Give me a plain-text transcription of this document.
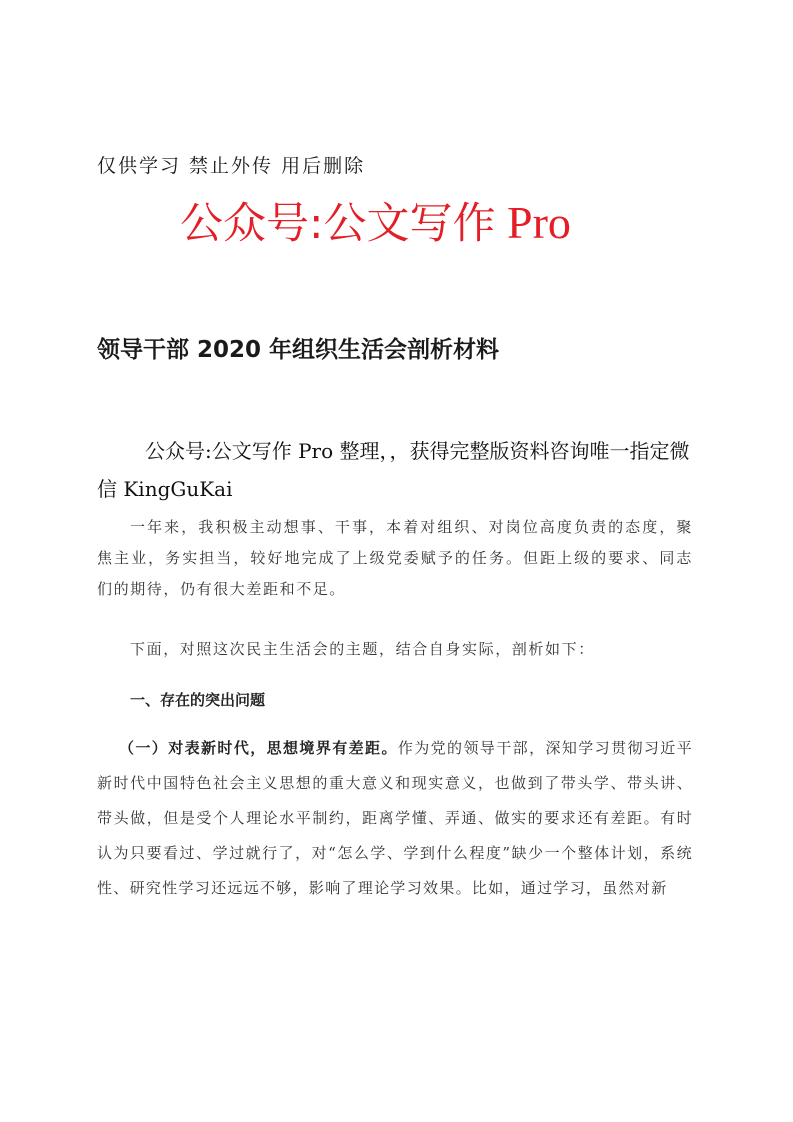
仅供学习 禁止外传 用后删除
公众号:公文写作 Pro
领导干部 2020 年组织生活会剖析材料
公众号:公文写作 Pro 整理，，获得完整版资料咨询唯一指定微信 KingGuKai
一年来，我积极主动想事、干事，本着对组织、对岗位高度负责的态度，聚焦主业，务实担当，较好地完成了上级党委赋予的任务。但距上级的要求、同志们的期待，仍有很大差距和不足。
下面，对照这次民主生活会的主题，结合自身实际，剖析如下：
一、存在的突出问题
（一）对表新时代，思想境界有差距。作为党的领导干部，深知学习贯彻习近平新时代中国特色社会主义思想的重大意义和现实意义，也做到了带头学、带头讲、带头做，但是受个人理论水平制约，距离学懂、弄通、做实的要求还有差距。有时认为只要看过、学过就行了，对“怎么学、学到什么程度”缺少一个整体计划，系统性、研究性学习还远远不够，影响了理论学习效果。比如，通过学习，虽然对新
